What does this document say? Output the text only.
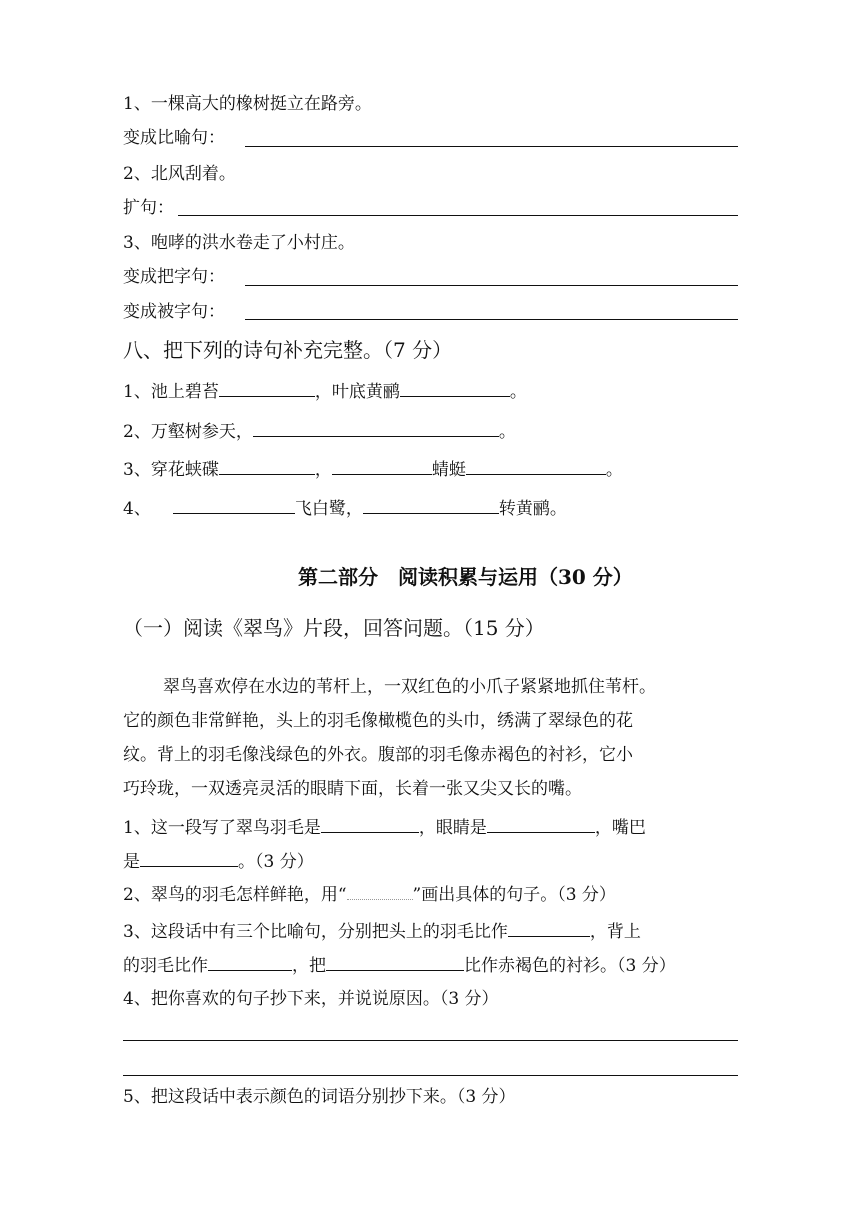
1、一棵高大的橡树挺立在路旁。
变成比喻句：
2、北风刮着。
扩句：
3、咆哮的洪水卷走了小村庄。
变成把字句：
变成被字句：
八、把下列的诗句补充完整。（7 分）
1、池上碧苔	，叶底黄鹂	。
2、万壑树参天，	。
3、穿花蛱碟	，	蜻蜓	。
4、	飞白鹭，	转黄鹂。
第二部分　阅读积累与运用（30 分）
（一）阅读《翠鸟》片段，回答问题。（15 分）
翠鸟喜欢停在水边的苇杆上，一双红色的小爪子紧紧地抓住苇杆。
它的颜色非常鲜艳，头上的羽毛像橄榄色的头巾，绣满了翠绿色的花
纹。背上的羽毛像浅绿色的外衣。腹部的羽毛像赤褐色的衬衫，它小
巧玲珑，一双透亮灵活的眼睛下面，长着一张又尖又长的嘴。
1、这一段写了翠鸟羽毛是	，眼睛是	，嘴巴
是	。（3 分）
2、翠鸟的羽毛怎样鲜艳，用“	”画出具体的句子。（3 分）
3、这段话中有三个比喻句，分别把头上的羽毛比作	，背上
的羽毛比作	，把	比作赤褐色的衬衫。（3 分）
4、把你喜欢的句子抄下来，并说说原因。（3 分）
5、把这段话中表示颜色的词语分别抄下来。（3 分）
